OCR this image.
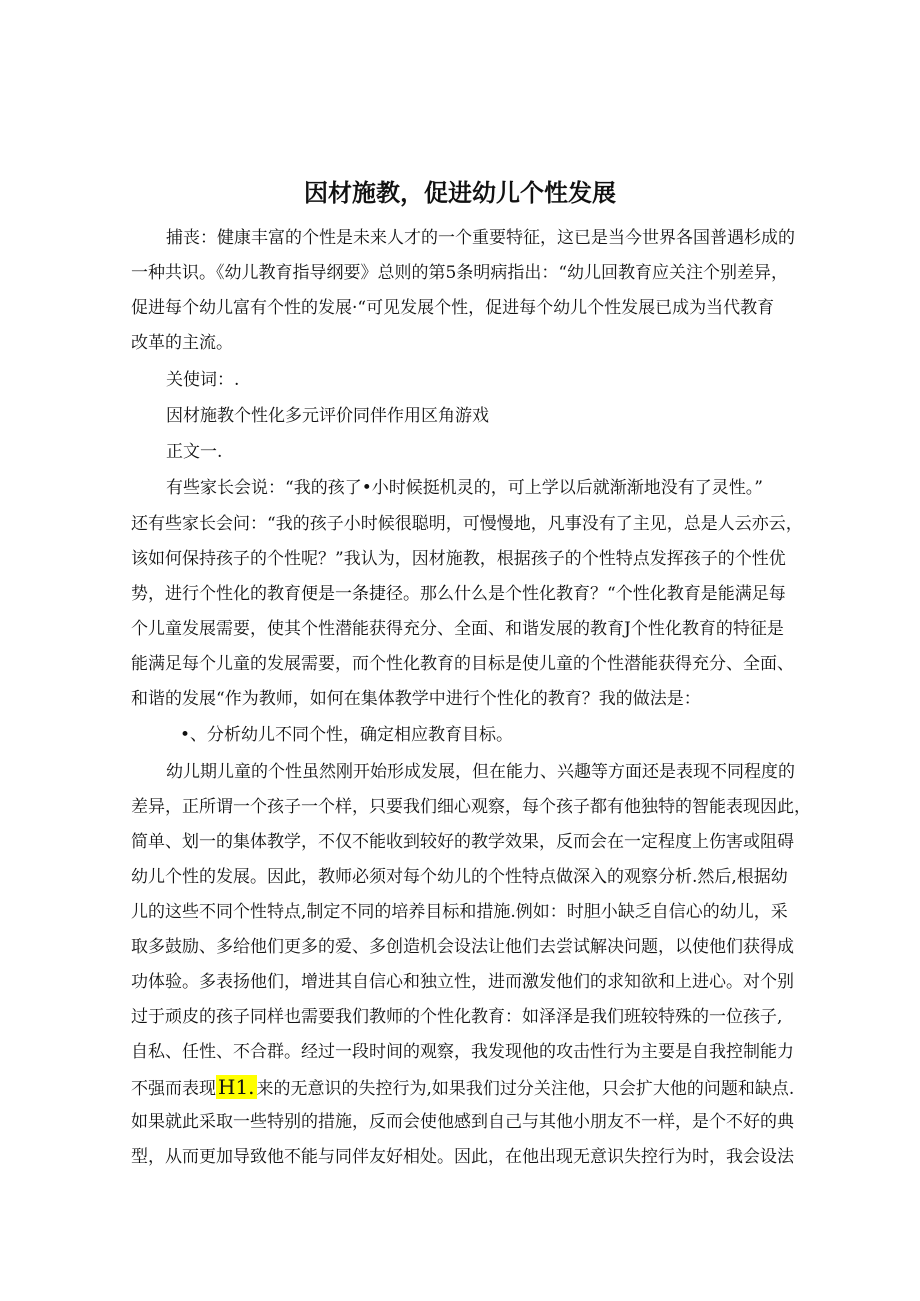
因材施教，促进幼儿个性发展
捕丧：健康丰富的个性是未来人才的一个重要特征，这已是当今世界各国普遇杉成的
一种共识。《幼儿教育指导纲要》总则的第5条明病指出：“幼儿回教育应关注个别差异，
促进每个幼儿富有个性的发展·“可见发展个性，促进每个幼儿个性发展已成为当代教育
改革的主流。
关使词：.
因材施教个性化多元评价同伴作用区角游戏
正文一.
有些家长会说：“我的孩了•小时候挺机灵的，可上学以后就渐渐地没有了灵性。”
还有些家长会问：“我的孩子小时候很聪明，可慢慢地，凡事没有了主见，总是人云亦云，
该如何保持孩子的个性呢？”我认为，因材施教，根据孩子的个性特点发挥孩子的个性优
势，进行个性化的教育便是一条捷径。那么什么是个性化教育？“个性化教育是能满足每
个儿童发展需要，使其个性潜能获得充分、全面、和谐发展的教育J个性化教育的特征是
能满足每个儿童的发展需要，而个性化教育的目标是使儿童的个性潜能获得充分、全面、
和谐的发展“作为教师，如何在集体教学中进行个性化的教育？我的做法是：
•、分析幼儿不同个性，确定相应教育目标。
幼儿期儿童的个性虽然刚开始形成发展，但在能力、兴趣等方面还是表现不同程度的
差异，正所谓一个孩子一个样，只要我们细心观察，每个孩子都有他独特的智能表现因此，
简单、划一的集体教学，不仅不能收到较好的教学效果，反而会在一定程度上伤害或阻碍
幼儿个性的发展。因此，教师必须对每个幼儿的个性特点做深入的观察分析.然后,根据幼
儿的这些不同个性特点,制定不同的培养目标和措施.例如：时胆小缺乏自信心的幼儿，采
取多鼓励、多给他们更多的爱、多创造机会设法让他们去尝试解决问题，以使他们获得成
功体验。多表扬他们，增进其自信心和独立性，进而激发他们的求知欲和上进心。对个别
过于顽皮的孩子同样也需要我们教师的个性化教育：如泽泽是我们班较特殊的一位孩子,
自私、任性、不合群。经过一段时间的观察，我发现他的攻击性行为主要是自我控制能力
不强而表现 H1. 来的无意识的失控行为,如果我们过分关注他，只会扩大他的问题和缺点.
如果就此采取一些特别的措施，反而会使他感到自己与其他小朋友不一样，是个不好的典
型，从而更加导致他不能与同伴友好相处。因此，在他出现无意识失控行为时，我会设法
